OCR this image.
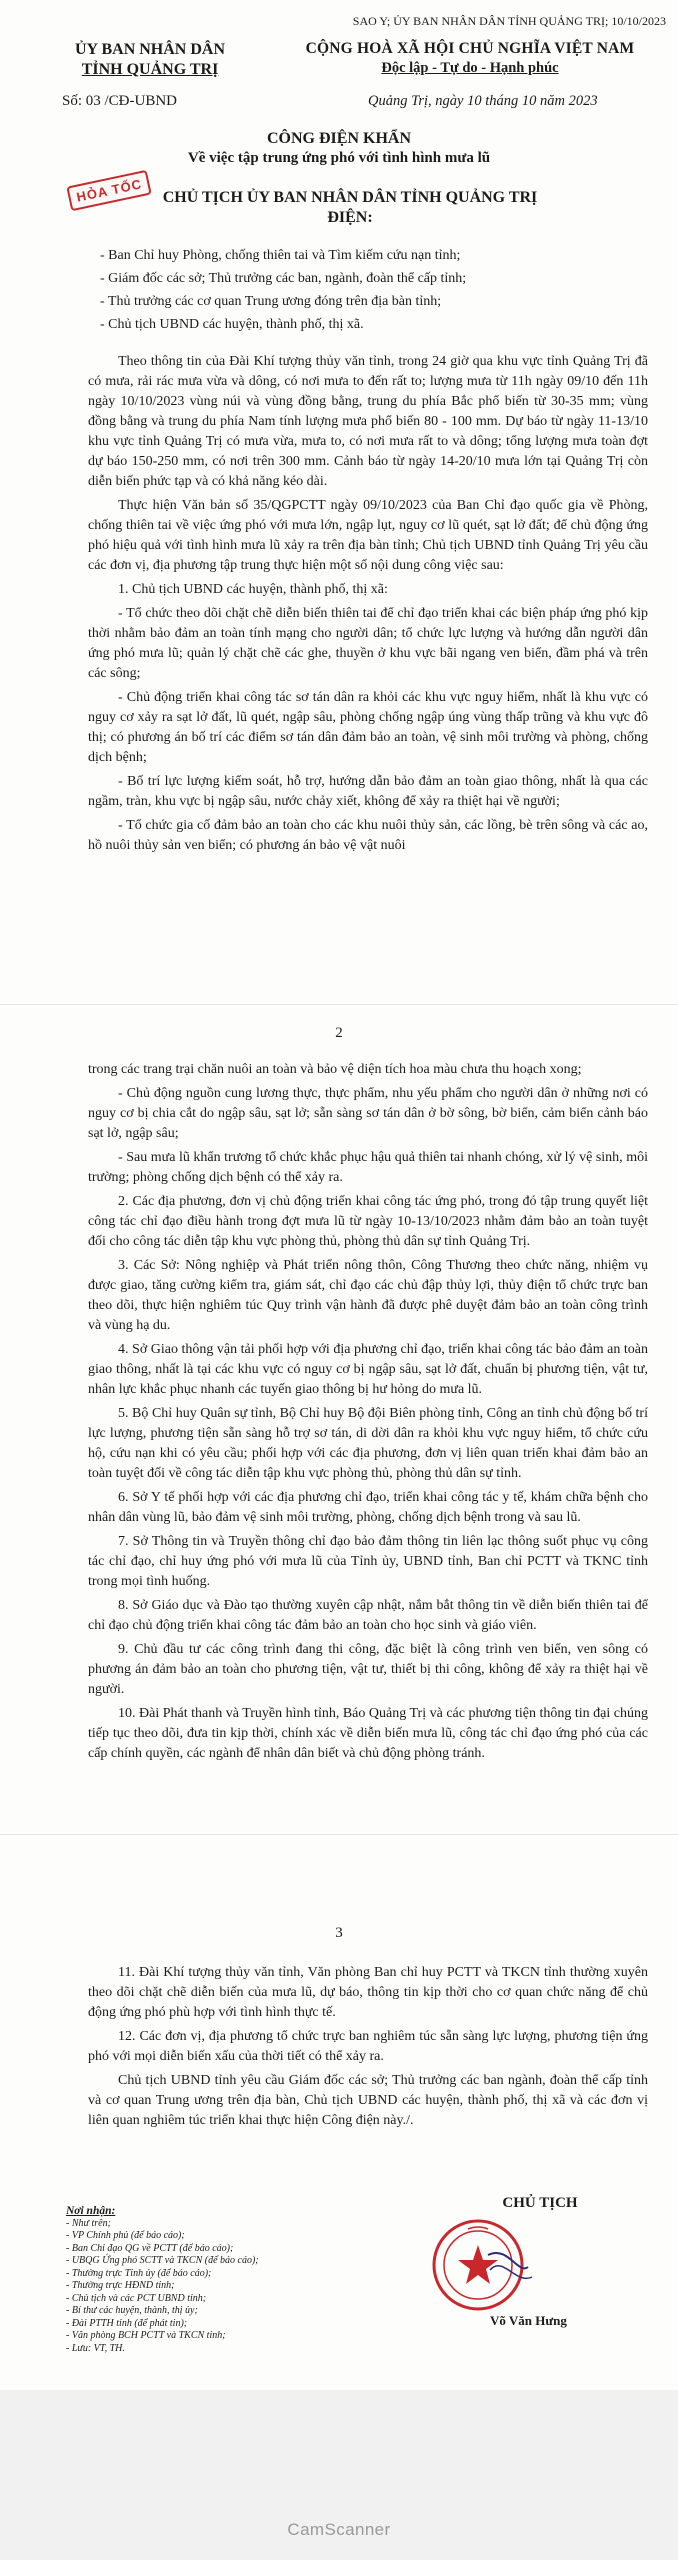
SAO Y; ỦY BAN NHÂN DÂN TỈNH QUẢNG TRỊ; 10/10/2023
ỦY BAN NHÂN DÂN
TỈNH QUẢNG TRỊ
Số: 03 /CĐ-UBND
CỘNG HOÀ XÃ HỘI CHỦ NGHĨA VIỆT NAM
Độc lập - Tự do - Hạnh phúc
Quảng Trị, ngày 10 tháng 10 năm 2023
CÔNG ĐIỆN KHẨN
Về việc tập trung ứng phó với tình hình mưa lũ
HỎA TỐC	CHỦ TỊCH ỦY BAN NHÂN DÂN TỈNH QUẢNG TRỊ ĐIỆN:
- Ban Chỉ huy Phòng, chống thiên tai và Tìm kiếm cứu nạn tỉnh;
- Giám đốc các sở; Thủ trưởng các ban, ngành, đoàn thể cấp tỉnh;
- Thủ trưởng các cơ quan Trung ương đóng trên địa bàn tỉnh;
- Chủ tịch UBND các huyện, thành phố, thị xã.

Theo thông tin của Đài Khí tượng thủy văn tỉnh, trong 24 giờ qua khu vực tỉnh Quảng Trị đã có mưa, rải rác mưa vừa và dông, có nơi mưa to đến rất to; lượng mưa từ 11h ngày 09/10 đến 11h ngày 10/10/2023 vùng núi và vùng đồng bằng, trung du phía Bắc phổ biến từ 30-35 mm; vùng đồng bằng và trung du phía Nam tính lượng mưa phổ biến 80 - 100 mm. Dự báo từ ngày 11-13/10 khu vực tỉnh Quảng Trị có mưa vừa, mưa to, có nơi mưa rất to và dông; tổng lượng mưa toàn đợt dự báo 150-250 mm, có nơi trên 300 mm. Cảnh báo từ ngày 14-20/10 mưa lớn tại Quảng Trị còn diễn biến phức tạp và có khả năng kéo dài.

Thực hiện Văn bản số 35/QGPCTT ngày 09/10/2023 của Ban Chỉ đạo quốc gia về Phòng, chống thiên tai về việc ứng phó với mưa lớn, ngập lụt, nguy cơ lũ quét, sạt lở đất; để chủ động ứng phó hiệu quả với tình hình mưa lũ xảy ra trên địa bàn tỉnh; Chủ tịch UBND tỉnh Quảng Trị yêu cầu các đơn vị, địa phương tập trung thực hiện một số nội dung công việc sau:

1. Chủ tịch UBND các huyện, thành phố, thị xã:

- Tổ chức theo dõi chặt chẽ diễn biến thiên tai để chỉ đạo triển khai các biện pháp ứng phó kịp thời nhằm bảo đảm an toàn tính mạng cho người dân; tổ chức lực lượng và hướng dẫn người dân ứng phó mưa lũ; quản lý chặt chẽ các ghe, thuyền ở khu vực bãi ngang ven biển, đầm phá và trên các sông;

- Chủ động triển khai công tác sơ tán dân ra khỏi các khu vực nguy hiểm, nhất là khu vực có nguy cơ xảy ra sạt lở đất, lũ quét, ngập sâu, phòng chống ngập úng vùng thấp trũng và khu vực đô thị; có phương án bố trí các điểm sơ tán dân đảm bảo an toàn, vệ sinh môi trường và phòng, chống dịch bệnh;

- Bố trí lực lượng kiểm soát, hỗ trợ, hướng dẫn bảo đảm an toàn giao thông, nhất là qua các ngầm, tràn, khu vực bị ngập sâu, nước chảy xiết, không để xảy ra thiệt hại về người;

- Tổ chức gia cố đảm bảo an toàn cho các khu nuôi thủy sản, các lồng, bè trên sông và các ao, hồ nuôi thủy sản ven biển; có phương án bảo vệ vật nuôi

2

trong các trang trại chăn nuôi an toàn và bảo vệ diện tích hoa màu chưa thu hoạch xong;

- Chủ động nguồn cung lương thực, thực phẩm, nhu yếu phẩm cho người dân ở những nơi có nguy cơ bị chia cắt do ngập sâu, sạt lở; sẵn sàng sơ tán dân ở bờ sông, bờ biển, cảm biển cảnh báo sạt lở, ngập sâu;

- Sau mưa lũ khẩn trương tổ chức khắc phục hậu quả thiên tai nhanh chóng, xử lý vệ sinh, môi trường; phòng chống dịch bệnh có thể xảy ra.

2. Các địa phương, đơn vị chủ động triển khai công tác ứng phó, trong đó tập trung quyết liệt công tác chỉ đạo điều hành trong đợt mưa lũ từ ngày 10-13/10/2023 nhằm đảm bảo an toàn tuyệt đối cho công tác diễn tập khu vực phòng thủ, phòng thủ dân sự tỉnh Quảng Trị.

3. Các Sở: Nông nghiệp và Phát triển nông thôn, Công Thương theo chức năng, nhiệm vụ được giao, tăng cường kiểm tra, giám sát, chỉ đạo các chủ đập thủy lợi, thủy điện tổ chức trực ban theo dõi, thực hiện nghiêm túc Quy trình vận hành đã được phê duyệt đảm bảo an toàn công trình và vùng hạ du.

4. Sở Giao thông vận tải phối hợp với địa phương chỉ đạo, triển khai công tác bảo đảm an toàn giao thông, nhất là tại các khu vực có nguy cơ bị ngập sâu, sạt lở đất, chuẩn bị phương tiện, vật tư, nhân lực khắc phục nhanh các tuyến giao thông bị hư hỏng do mưa lũ.

5. Bộ Chỉ huy Quân sự tỉnh, Bộ Chỉ huy Bộ đội Biên phòng tỉnh, Công an tỉnh chủ động bố trí lực lượng, phương tiện sẵn sàng hỗ trợ sơ tán, di dời dân ra khỏi khu vực nguy hiểm, tổ chức cứu hộ, cứu nạn khi có yêu cầu; phối hợp với các địa phương, đơn vị liên quan triển khai đảm bảo an toàn tuyệt đối về công tác diễn tập khu vực phòng thủ, phòng thủ dân sự tỉnh.

6. Sở Y tế phối hợp với các địa phương chỉ đạo, triển khai công tác y tế, khám chữa bệnh cho nhân dân vùng lũ, bảo đảm vệ sinh môi trường, phòng, chống dịch bệnh trong và sau lũ.

7. Sở Thông tin và Truyền thông chỉ đạo bảo đảm thông tin liên lạc thông suốt phục vụ công tác chỉ đạo, chỉ huy ứng phó với mưa lũ của Tỉnh ủy, UBND tỉnh, Ban chỉ PCTT và TKNC tỉnh trong mọi tình huống.

8. Sở Giáo dục và Đào tạo thường xuyên cập nhật, nắm bắt thông tin về diễn biến thiên tai để chỉ đạo chủ động triển khai công tác đảm bảo an toàn cho học sinh và giáo viên.

9. Chủ đầu tư các công trình đang thi công, đặc biệt là công trình ven biển, ven sông có phương án đảm bảo an toàn cho phương tiện, vật tư, thiết bị thi công, không để xảy ra thiệt hại về người.

10. Đài Phát thanh và Truyền hình tỉnh, Báo Quảng Trị và các phương tiện thông tin đại chúng tiếp tục theo dõi, đưa tin kịp thời, chính xác về diễn biến mưa lũ, công tác chỉ đạo ứng phó của các cấp chính quyền, các ngành để nhân dân biết và chủ động phòng tránh.

3

11. Đài Khí tượng thủy văn tỉnh, Văn phòng Ban chỉ huy PCTT và TKCN tỉnh thường xuyên theo dõi chặt chẽ diễn biến của mưa lũ, dự báo, thông tin kịp thời cho cơ quan chức năng để chủ động ứng phó phù hợp với tình hình thực tế.

12. Các đơn vị, địa phương tổ chức trực ban nghiêm túc sẵn sàng lực lượng, phương tiện ứng phó với mọi diễn biến xấu của thời tiết có thể xảy ra.

Chủ tịch UBND tỉnh yêu cầu Giám đốc các sở; Thủ trưởng các ban ngành, đoàn thể cấp tỉnh và cơ quan Trung ương trên địa bàn, Chủ tịch UBND các huyện, thành phố, thị xã và các đơn vị liên quan nghiêm túc triển khai thực hiện Công điện này./.

Nơi nhận:
- Như trên;
- VP Chính phủ (để báo cáo);
- Ban Chỉ đạo QG về PCTT (để báo cáo);
- UBQG Ứng phó SCTT và TKCN (để báo cáo);
- Thường trực Tỉnh ủy (để báo cáo);
- Thường trực HĐND tỉnh;
- Chủ tịch và các PCT UBND tỉnh;
- Bí thư các huyện, thành, thị ủy;
- Đài PTTH tỉnh (để phát tin);
- Văn phòng BCH PCTT và TKCN tỉnh;
- Lưu: VT, TH.
CHỦ TỊCH
Võ Văn Hưng
CamScanner
